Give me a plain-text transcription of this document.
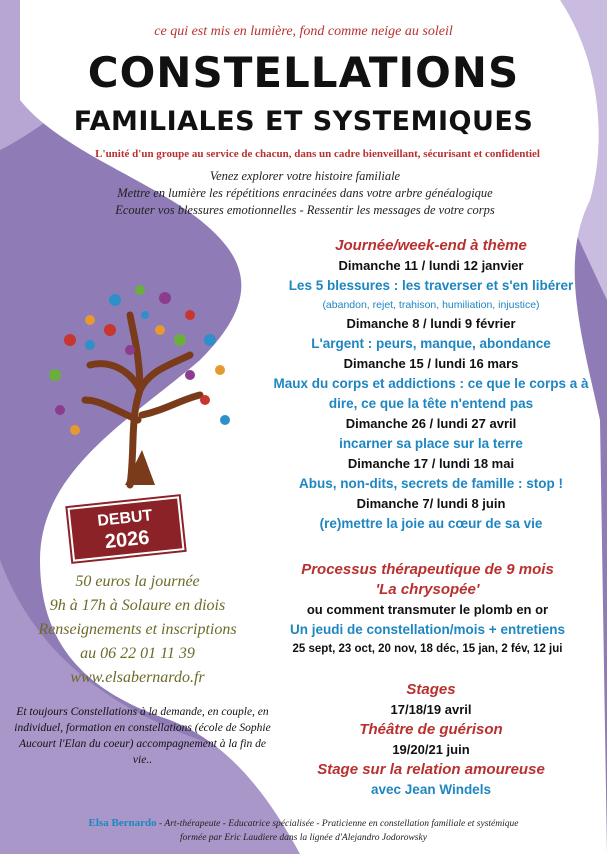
ce qui est mis en lumière, fond comme neige au soleil
CONSTELLATIONS
FAMILIALES ET SYSTEMIQUES
L'unité d'un groupe au service de chacun, dans un cadre bienveillant, sécurisant et confidentiel
Venez explorer votre histoire familiale
Mettre en lumière les répétitions enracinées dans votre arbre généalogique
Ecouter vos blessures emotionnelles - Ressentir les messages de votre corps
DEBUT
2026
Journée/week-end à thème
Dimanche 11 / lundi 12 janvier
Les 5 blessures : les traverser et s'en libérer
(abandon, rejet, trahison, humiliation, injustice)
Dimanche 8 / lundi 9 février
L'argent : peurs, manque, abondance
Dimanche 15 / lundi 16 mars
Maux du corps et addictions : ce que le corps a à dire, ce que la tête n'entend pas
Dimanche 26 / lundi 27 avril
incarner sa place sur la terre
Dimanche 17 / lundi 18 mai
Abus, non-dits, secrets de famille : stop !
Dimanche 7/ lundi 8 juin
(re)mettre la joie au cœur de sa vie
Processus thérapeutique de 9 mois
'La chrysopée'
ou comment transmuter le plomb en or
Un jeudi de constellation/mois + entretiens
25 sept, 23 oct, 20 nov, 18 déc, 15 jan, 2 fév, 12 jui
Stages
17/18/19 avril
Théâtre de guérison
19/20/21 juin
Stage sur la relation amoureuse
avec Jean Windels
50 euros la journée
9h à 17h à Solaure en diois
Renseignements et inscriptions
au 06 22 01 11 39
www.elsabernardo.fr
Et toujours Constellations à la demande, en couple, en individuel, formation en constellations (école de Sophie Aucourt l'Elan du coeur) accompagnement à la fin de vie..
Elsa Bernardo - Art-thérapeute - Educatrice spécialisée - Praticienne en constellation familiale et systémique
formée par Eric Laudiere dans la lignée d'Alejandro Jodorowsky
